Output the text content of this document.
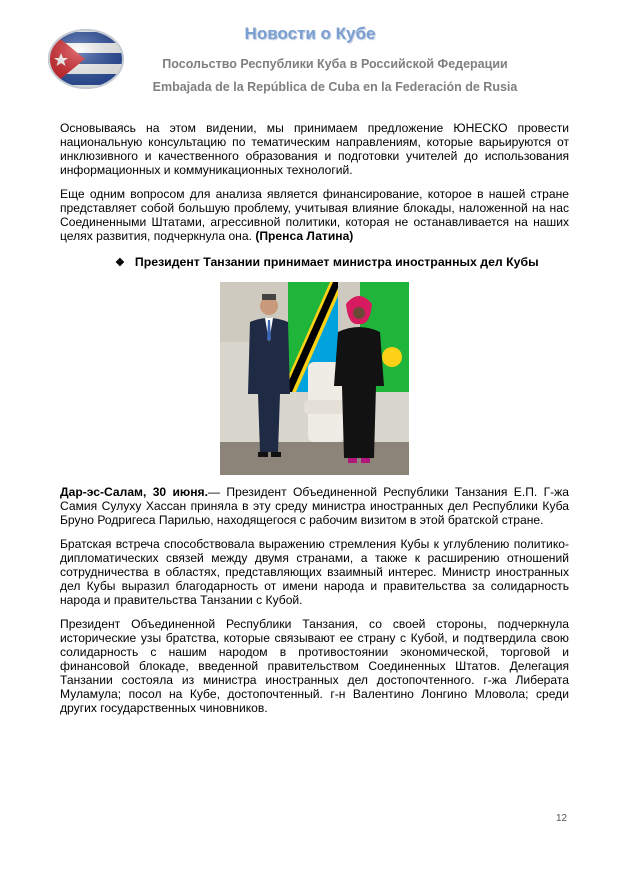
Новости о Кубе
Посольство Республики Куба в Российской Федерации
Embajada de la República de Cuba en la Federación de Rusia

Основываясь на этом видении, мы принимаем предложение ЮНЕСКО провести национальную консультацию по тематическим направлениям, которые варьируются от инклюзивного и качественного образования и подготовки учителей до использования информационных и коммуникационных технологий.

Еще одним вопросом для анализа является финансирование, которое в нашей стране представляет собой большую проблему, учитывая влияние блокады, наложенной на нас Соединенными Штатами, агрессивной политики, которая не останавливается на наших целях развития, подчеркнула она. (Пренса Латина)

❖ Президент Танзании принимает министра иностранных дел Кубы

Дар-эс-Салам, 30 июня.— Президент Объединенной Республики Танзания Е.П. Г-жа Самия Сулуху Хассан приняла в эту среду министра иностранных дел Республики Куба Бруно Родригеса Парилью, находящегося с рабочим визитом в этой братской стране.

Братская встреча способствовала выражению стремления Кубы к углублению политико-дипломатических связей между двумя странами, а также к расширению отношений сотрудничества в областях, представляющих взаимный интерес. Министр иностранных дел Кубы выразил благодарность от имени народа и правительства за солидарность народа и правительства Танзании с Кубой.

Президент Объединенной Республики Танзания, со своей стороны, подчеркнула исторические узы братства, которые связывают ее страну с Кубой, и подтвердила свою солидарность с нашим народом в противостоянии экономической, торговой и финансовой блокаде, введенной правительством Соединенных Штатов. Делегация Танзании состояла из министра иностранных дел достопочтенного. г-жа Либерата Муламула; посол на Кубе, достопочтенный. г-н Валентино Лонгино Мловола; среди других государственных чиновников.

12
